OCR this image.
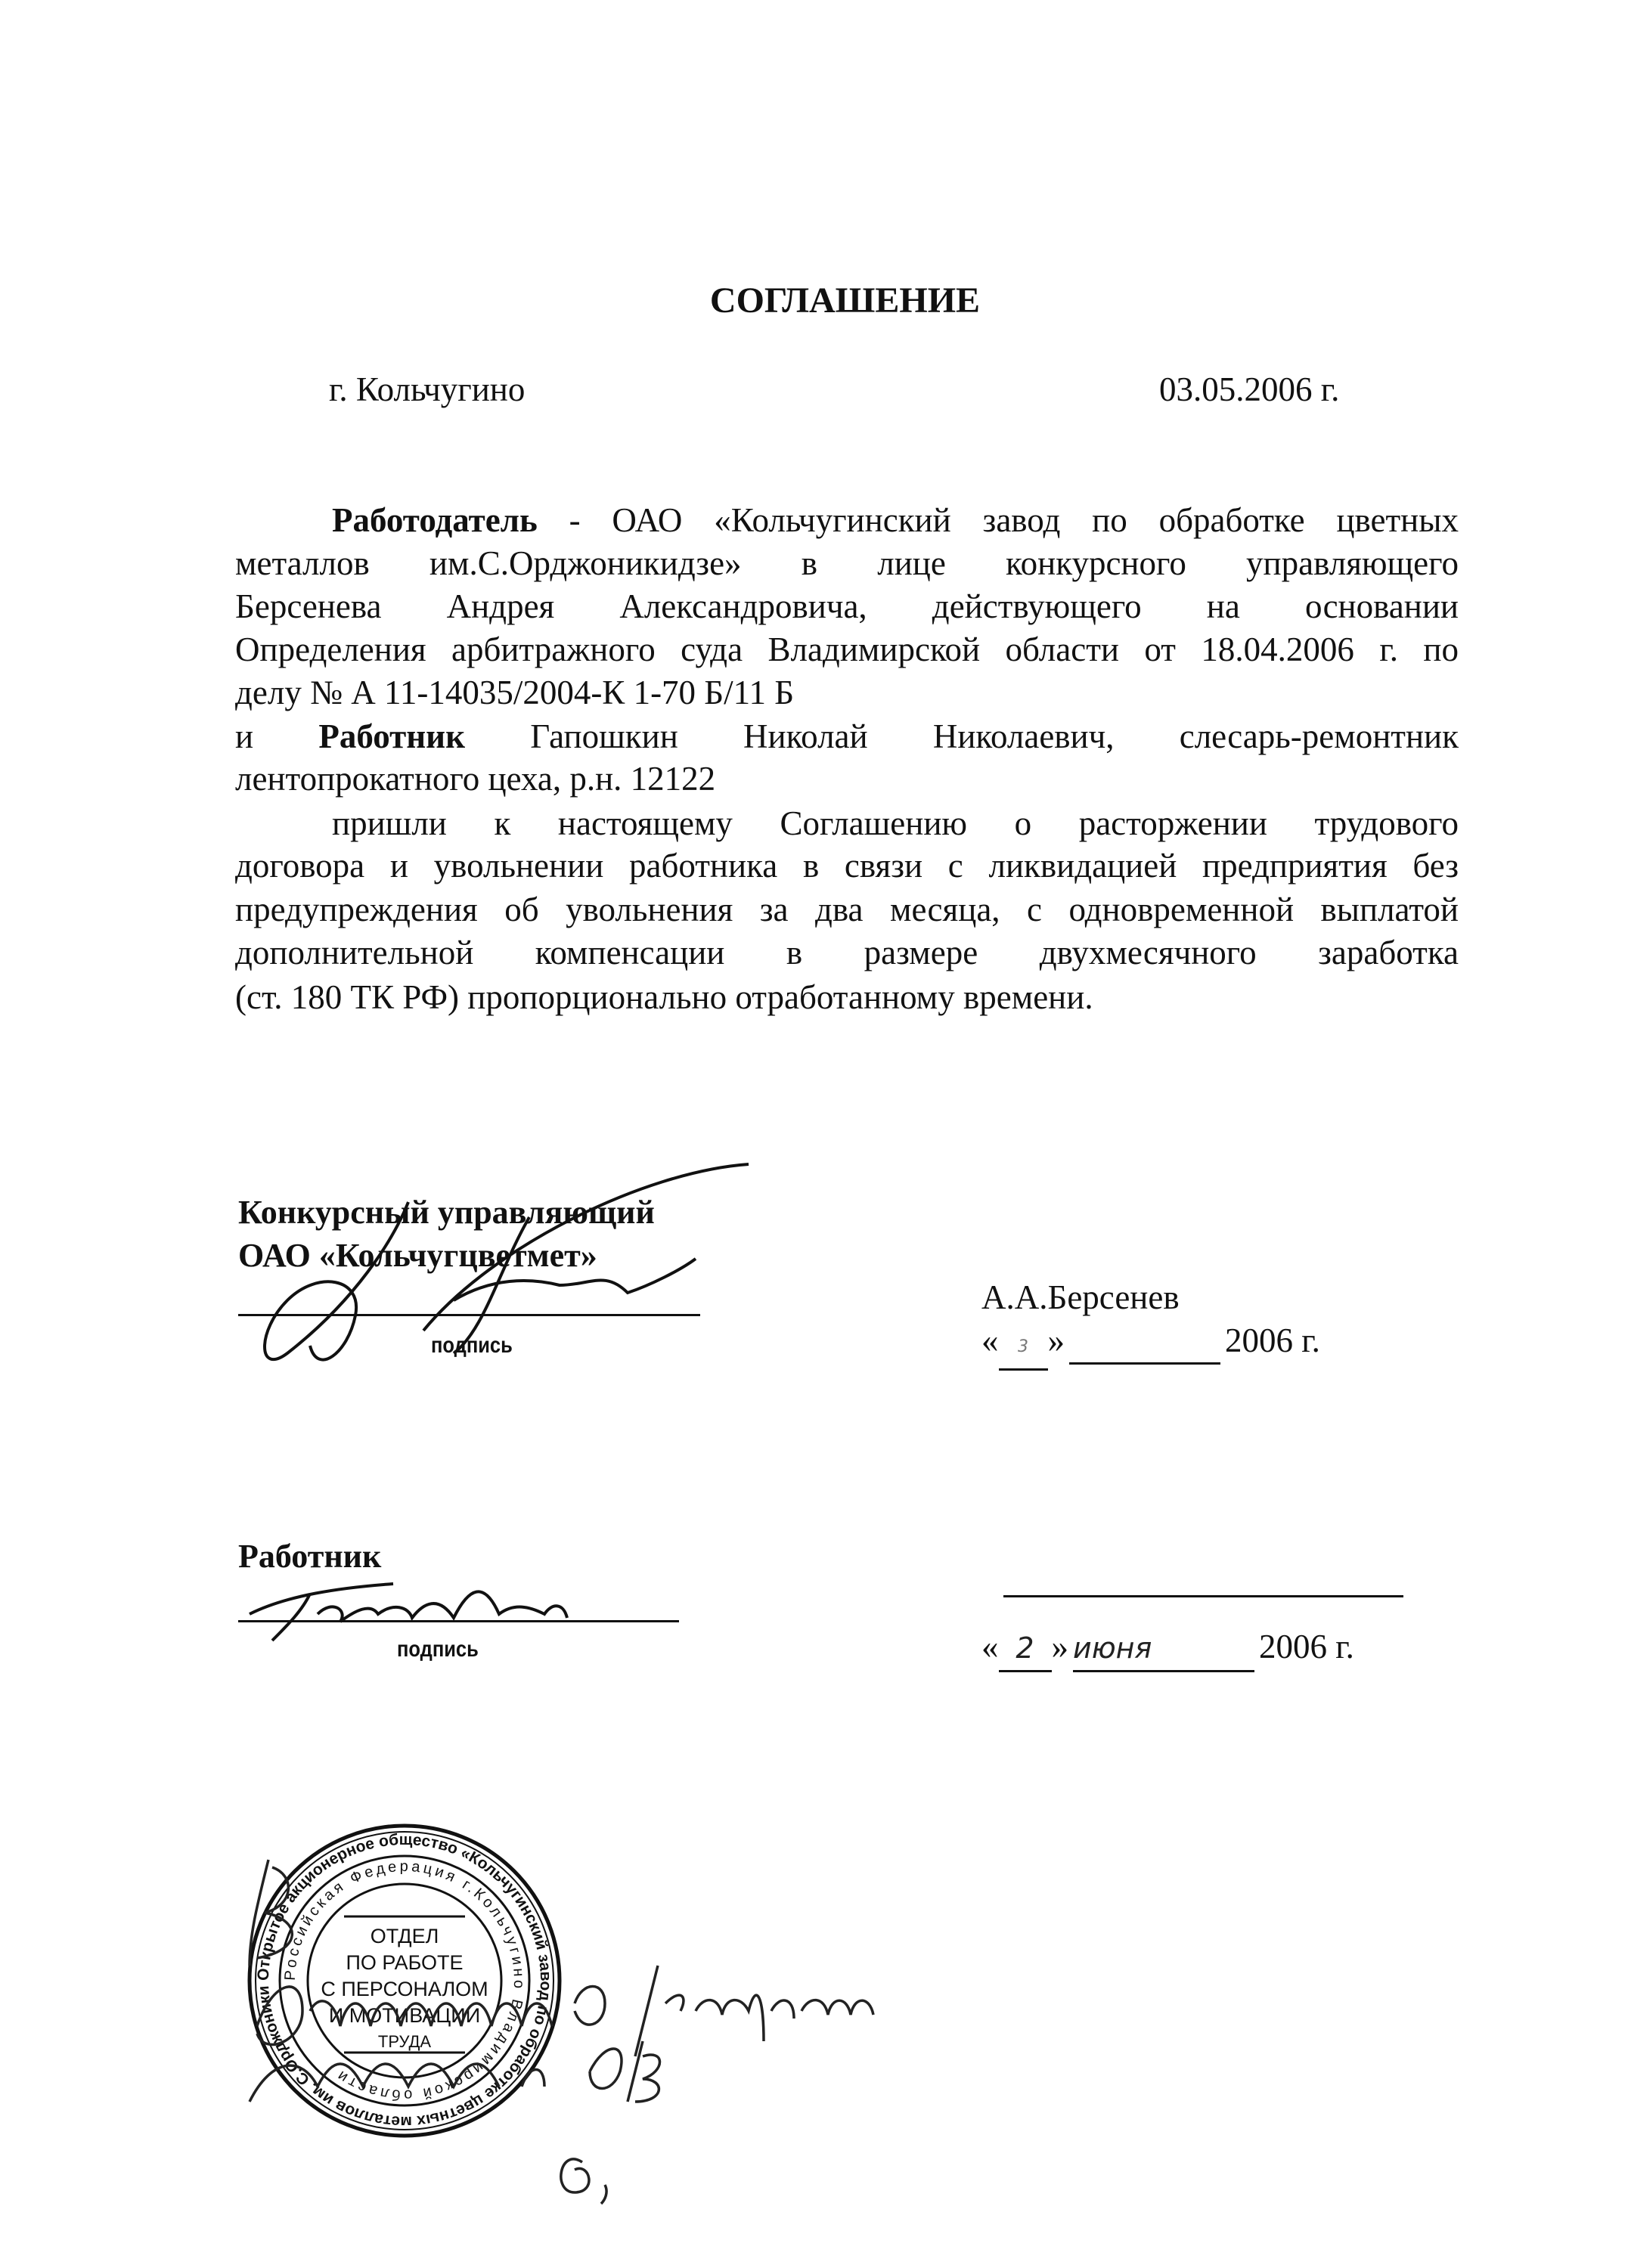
СОГЛАШЕНИЕ
г. Кольчугино	03.05.2006 г.
Работодатель - ОАО «Кольчугинский завод по обработке цветных
металлов им.С.Орджоникидзе» в лице конкурсного управляющего
Берсенева Андрея Александровича, действующего на основании
Определения арбитражного суда Владимирской области от 18.04.2006 г. по
делу № А 11-14035/2004-К 1-70 Б/11 Б
и Работник Гапошкин Николай Николаевич, слесарь-ремонтник
лентопрокатного цеха, р.н. 12122
пришли к настоящему Соглашению о расторжении трудового
договора и увольнении работника в связи с ликвидацией предприятия без
предупреждения об увольнения за два месяца, с одновременной выплатой
дополнительной компенсации в размере двухмесячного заработка
(ст. 180 ТК РФ) пропорционально отработанному времени.
Конкурсный управляющий
ОАО «Кольчугцветмет»
подпись
А.А.Берсенев
« 3 »	2006 г.
Работник
подпись	« 2 » июня	2006 г.
Открытое акционерное общество «Кольчугинский завод по обработке цветных металлов им. С.Орджоникидзе»
Российская Федерация г.Кольчугино Владимирской области
ОТДЕЛ
ПО РАБОТЕ
С ПЕРСОНАЛОМ
И МОТИВАЦИИ
ТРУДА
